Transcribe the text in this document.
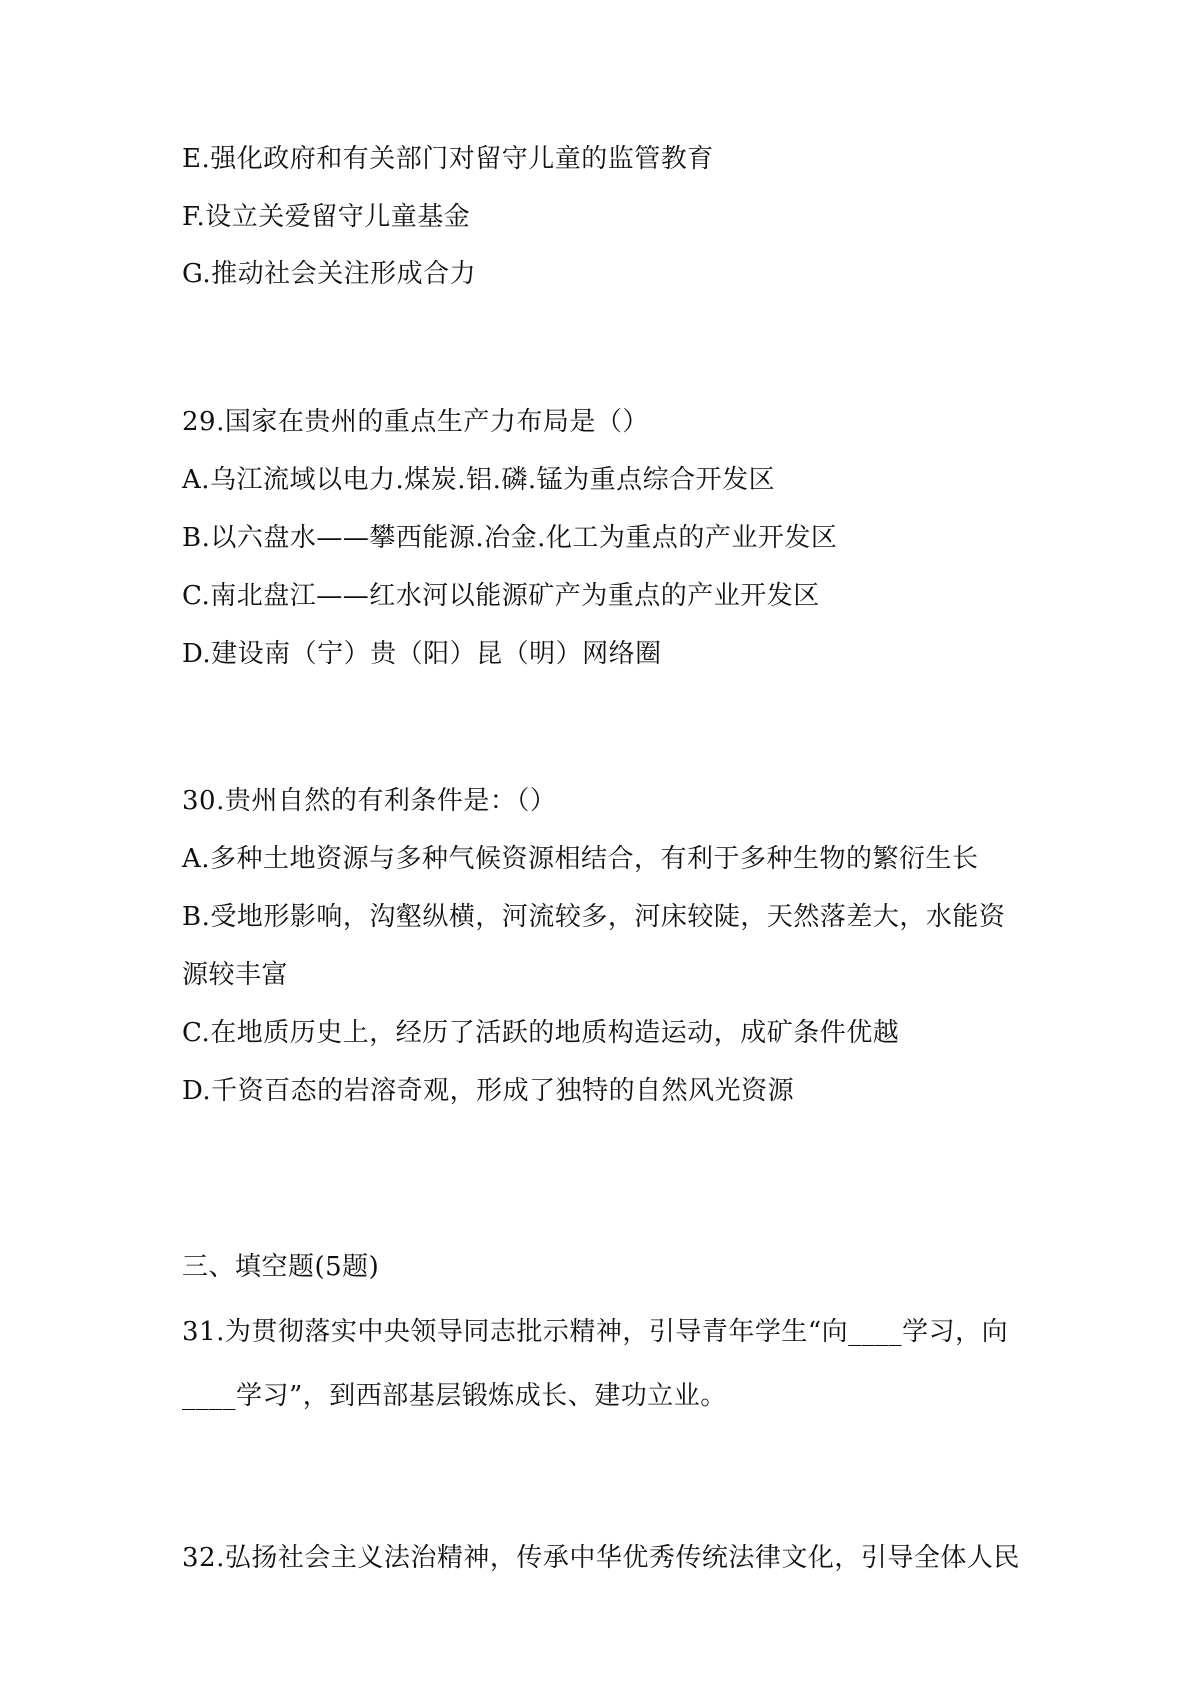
E.强化政府和有关部门对留守儿童的监管教育
F.设立关爱留守儿童基金
G.推动社会关注形成合力
29.国家在贵州的重点生产力布局是（）
A.乌江流域以电力.煤炭.铝.磷.锰为重点综合开发区
B.以六盘水——攀西能源.冶金.化工为重点的产业开发区
C.南北盘江——红水河以能源矿产为重点的产业开发区
D.建设南（宁）贵（阳）昆（明）网络圈
30.贵州自然的有利条件是：（）
A.多种土地资源与多种气候资源相结合，有利于多种生物的繁衍生长
B.受地形影响，沟壑纵横，河流较多，河床较陡，天然落差大，水能资
源较丰富
C.在地质历史上，经历了活跃的地质构造运动，成矿条件优越
D.千资百态的岩溶奇观，形成了独特的自然风光资源
三、填空题(5题)
31.为贯彻落实中央领导同志批示精神，引导青年学生“向____学习，向
____学习”，到西部基层锻炼成长、建功立业。
32.弘扬社会主义法治精神，传承中华优秀传统法律文化，引导全体人民
